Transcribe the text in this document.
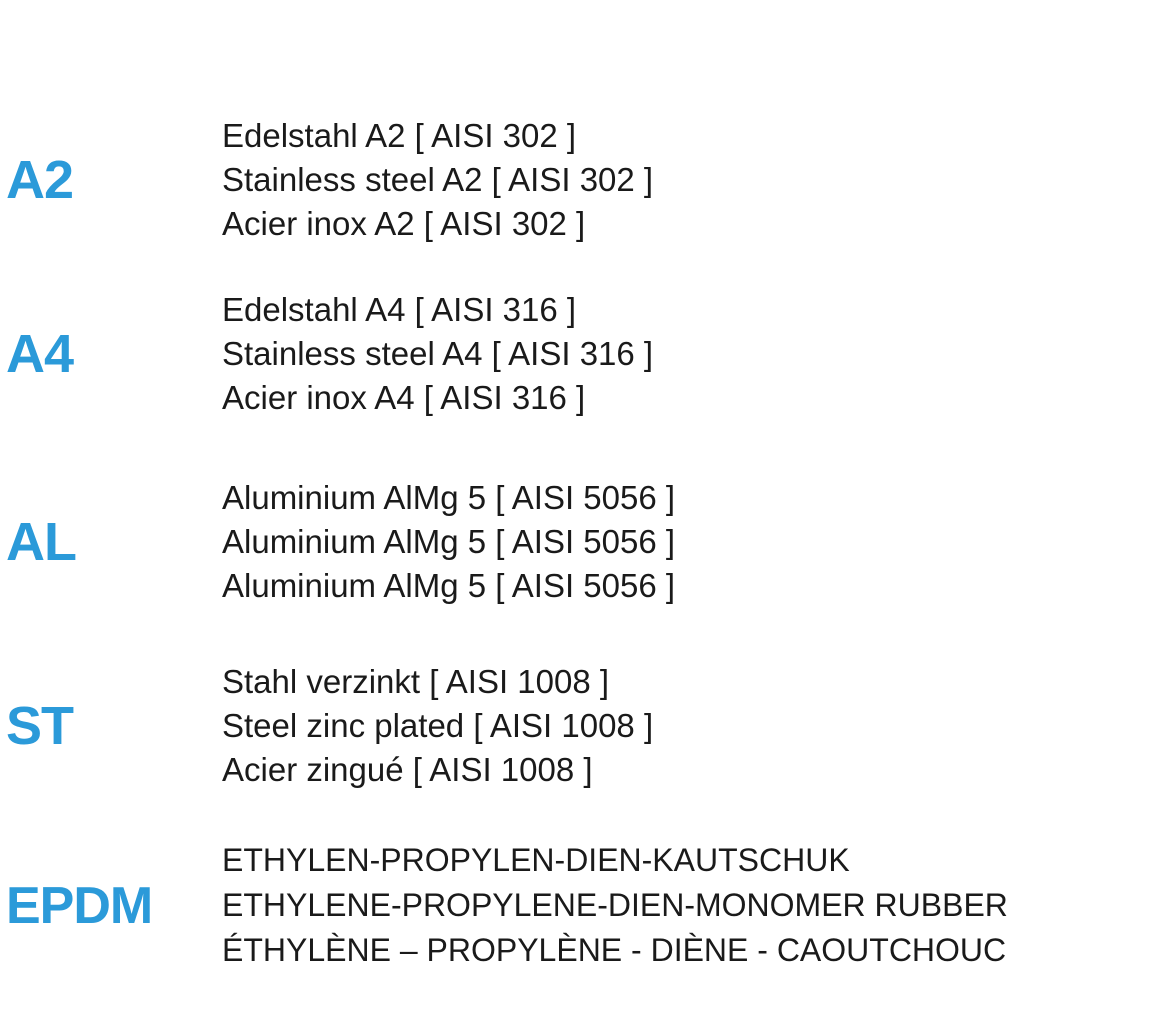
A2
Edelstahl A2 [ AISI 302 ]
Stainless steel A2 [ AISI 302 ]
Acier inox A2 [ AISI 302 ]
A4
Edelstahl A4 [ AISI 316 ]
Stainless steel A4 [ AISI 316 ]
Acier inox A4 [ AISI 316 ]
AL
Aluminium AlMg 5 [ AISI 5056 ]
Aluminium AlMg 5 [ AISI 5056 ]
Aluminium AlMg 5 [ AISI 5056 ]
ST
Stahl verzinkt [ AISI 1008 ]
Steel zinc plated [ AISI 1008 ]
Acier zingué [ AISI 1008 ]
EPDM
ETHYLEN-PROPYLEN-DIEN-KAUTSCHUK
ETHYLENE-PROPYLENE-DIEN-MONOMER RUBBER
ÉTHYLÈNE – PROPYLÈNE - DIÈNE - CAOUTCHOUC
